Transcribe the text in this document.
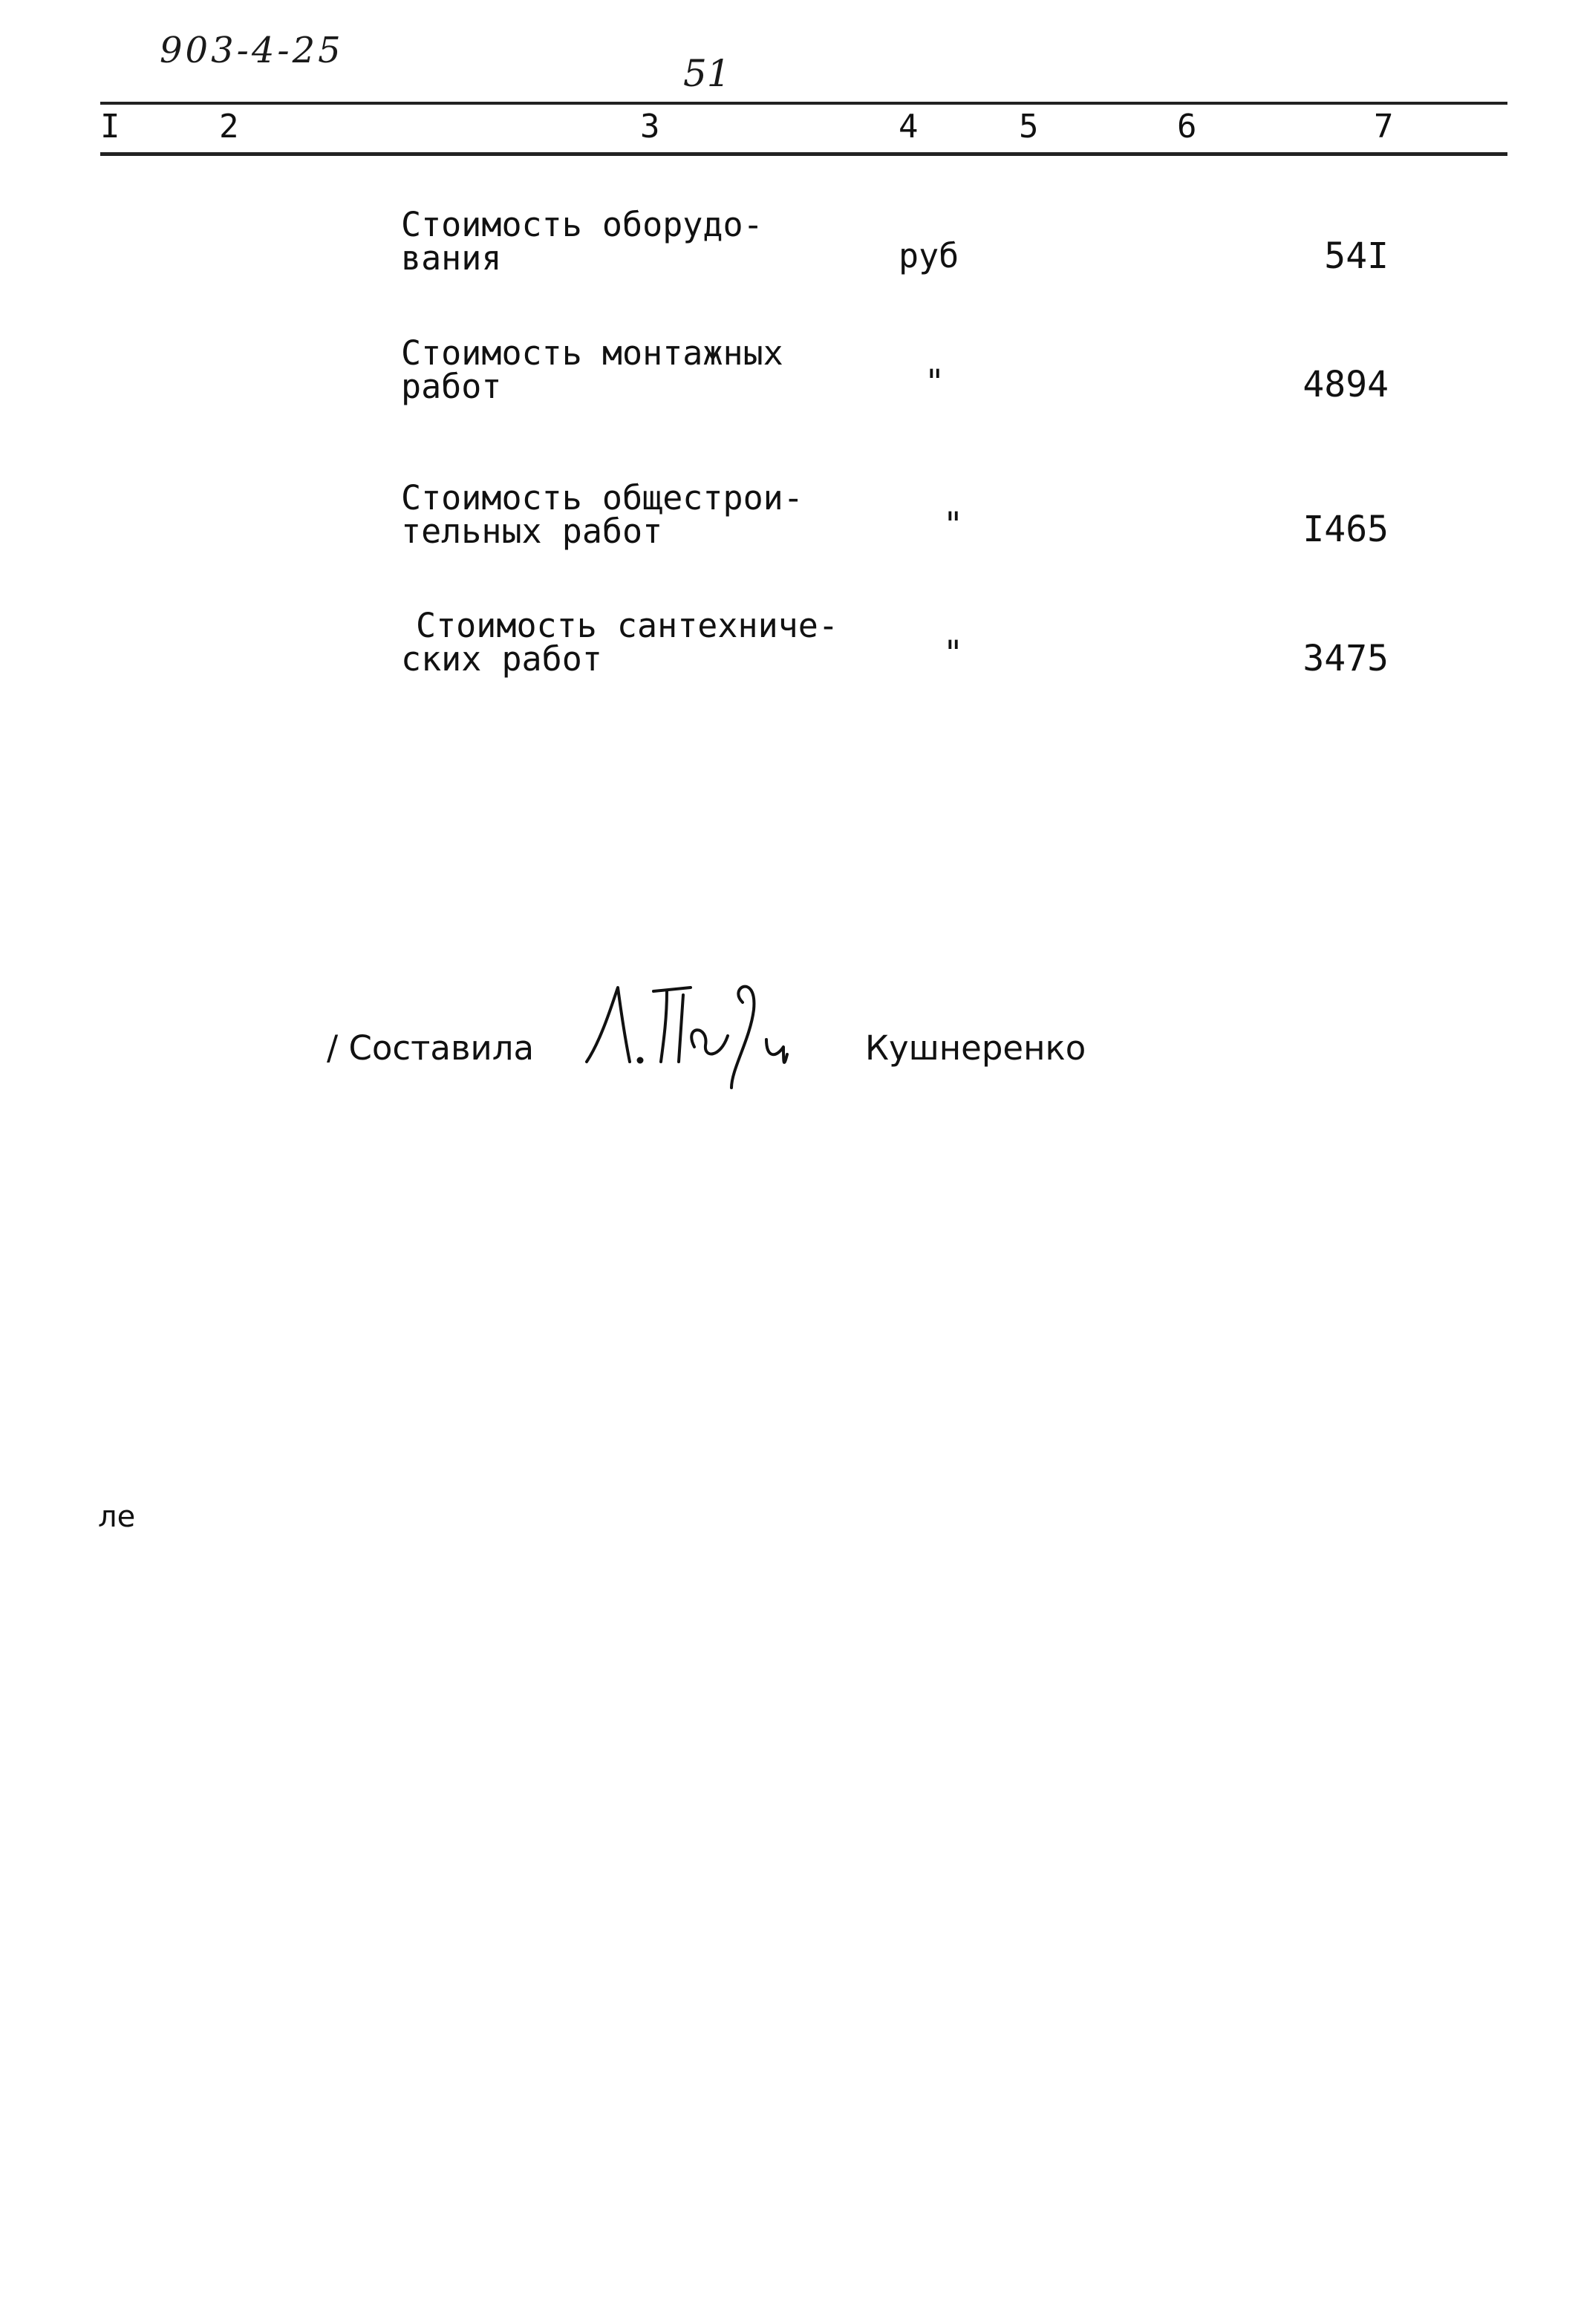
903-4-25
51
I	2	3	4	5	6	7
Стоимость оборудо-
вания	руб	54I
Стоимость монтажных
работ	"	4894
Стоимость общестрои-
тельных работ	"	I465
Стоимость сантехниче-
ских работ	"	3475
/ Составила	Кушнеренко
ле
